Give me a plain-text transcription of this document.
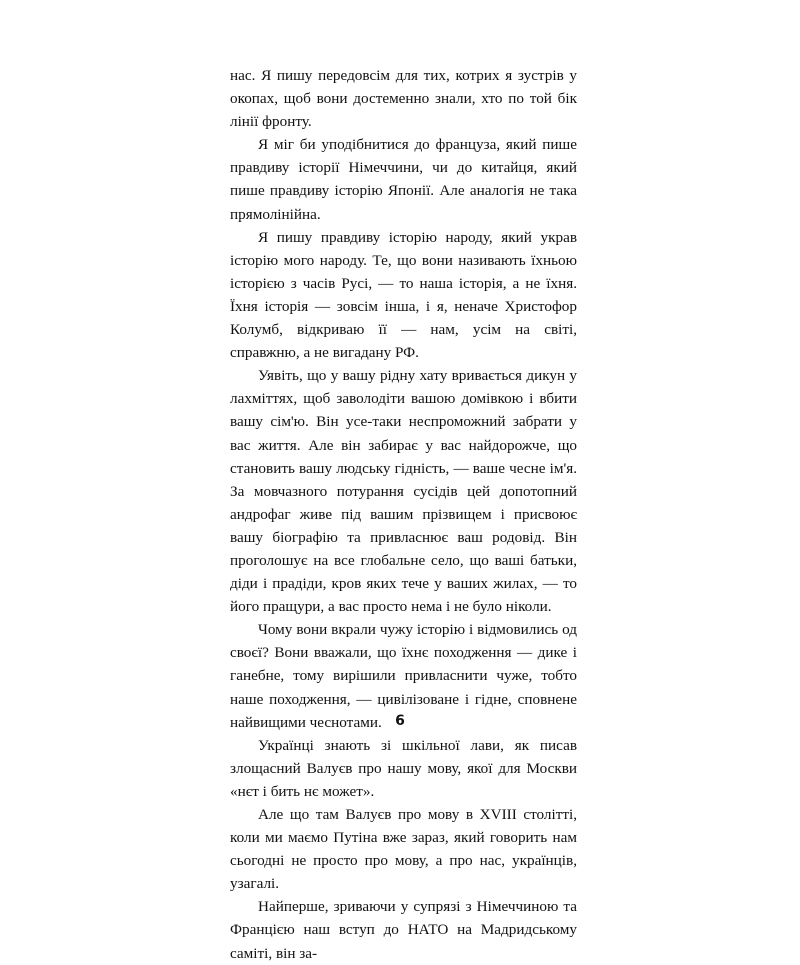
нас. Я пишу передовсім для тих, котрих я зустрів у окопах, щоб вони достеменно знали, хто по той бік лінії фронту.

Я міг би уподібнитися до француза, який пише правдиву історії Німеччини, чи до китайця, який пише правдиву історію Японії. Але аналогія не така прямолінійна.

Я пишу правдиву історію народу, який украв історію мого народу. Те, що вони називають їхньою історією з часів Русі, — то наша історія, а не їхня. Їхня історія — зовсім інша, і я, неначе Христофор Колумб, відкриваю її — нам, усім на світі, справжню, а не вигадану РФ.

Уявіть, що у вашу рідну хату вривається дикун у лахміттях, щоб заволодіти вашою домівкою і вбити вашу сім'ю. Він усе-таки неспроможний забрати у вас життя. Але він забирає у вас найдорожче, що становить вашу людську гідність, — ваше чесне ім'я. За мовчазного потурання сусідів цей допотопний андрофаг живе під вашим прізвищем і присвоює вашу біографію та привласнює ваш родовід. Він проголошує на все глобальне село, що ваші батьки, діди і прадіди, кров яких тече у ваших жилах, — то його пращури, а вас просто нема і не було ніколи.

Чому вони вкрали чужу історію і відмовились од своєї? Вони вважали, що їхнє походження — дике і ганебне, тому вирішили привласнити чуже, тобто наше походження, — цивілізоване і гідне, сповнене найвищими чеснотами.

Українці знають зі шкільної лави, як писав злощасний Валуєв про нашу мову, якої для Москви «нєт і бить нє может».

Але що там Валуєв про мову в XVIII столітті, коли ми маємо Путіна вже зараз, який говорить нам сьогодні не просто про мову, а про нас, українців, узагалі.

Найперше, зриваючи у супрязі з Німеччиною та Францією наш вступ до НАТО на Мадридському саміті, він за-

6
